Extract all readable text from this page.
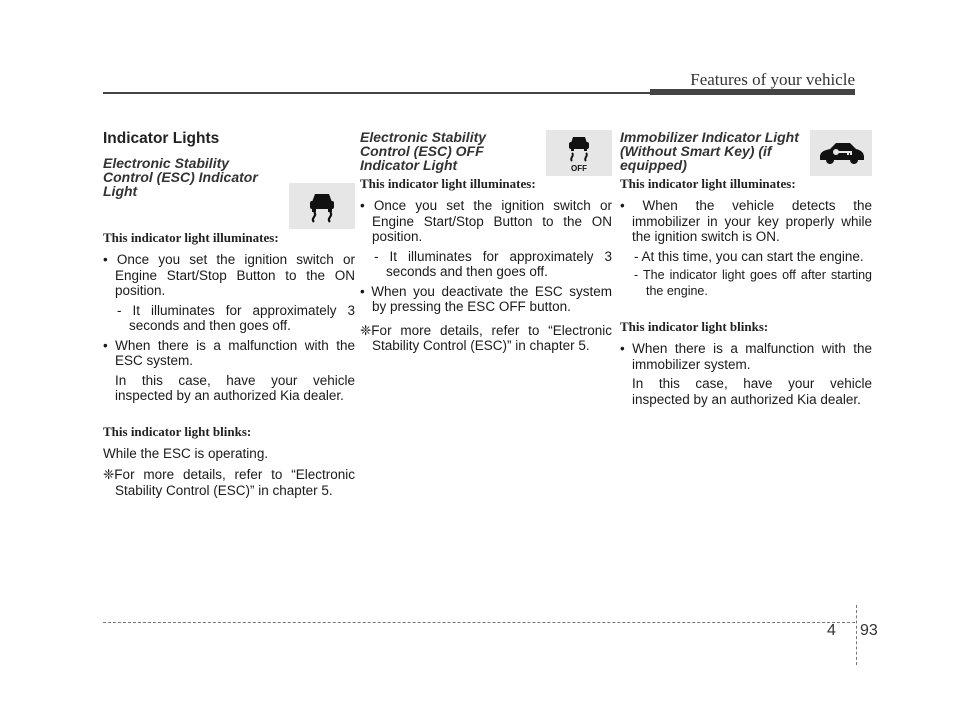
Features of your vehicle
Indicator Lights
Electronic Stability Control (ESC) Indicator Light
This indicator light illuminates:

• Once you set the ignition switch or Engine Start/Stop Button to the ON position.

- It illuminates for approximately 3 seconds and then goes off.

• When there is a malfunction with the ESC system.

In this case, have your vehicle inspected by an authorized Kia dealer.

This indicator light blinks:

While the ESC is operating.

❈For more details, refer to “Electronic Stability Control (ESC)” in chapter 5.

Electronic Stability Control (ESC) OFF Indicator Light	OFF
This indicator light illuminates:

• Once you set the ignition switch or Engine Start/Stop Button to the ON position.

- It illuminates for approximately 3 seconds and then goes off.

• When you deactivate the ESC system by pressing the ESC OFF button.

❈For more details, refer to “Electronic Stability Control (ESC)” in chapter 5.

Immobilizer Indicator Light (Without Smart Key) (if equipped)
This indicator light illuminates:

• When the vehicle detects the immobilizer in your key properly while the ignition switch is ON.

- At this time, you can start the engine.

- The indicator light goes off after starting the engine.

This indicator light blinks:

• When there is a malfunction with the immobilizer system.

In this case, have your vehicle inspected by an authorized Kia dealer.

4 93
